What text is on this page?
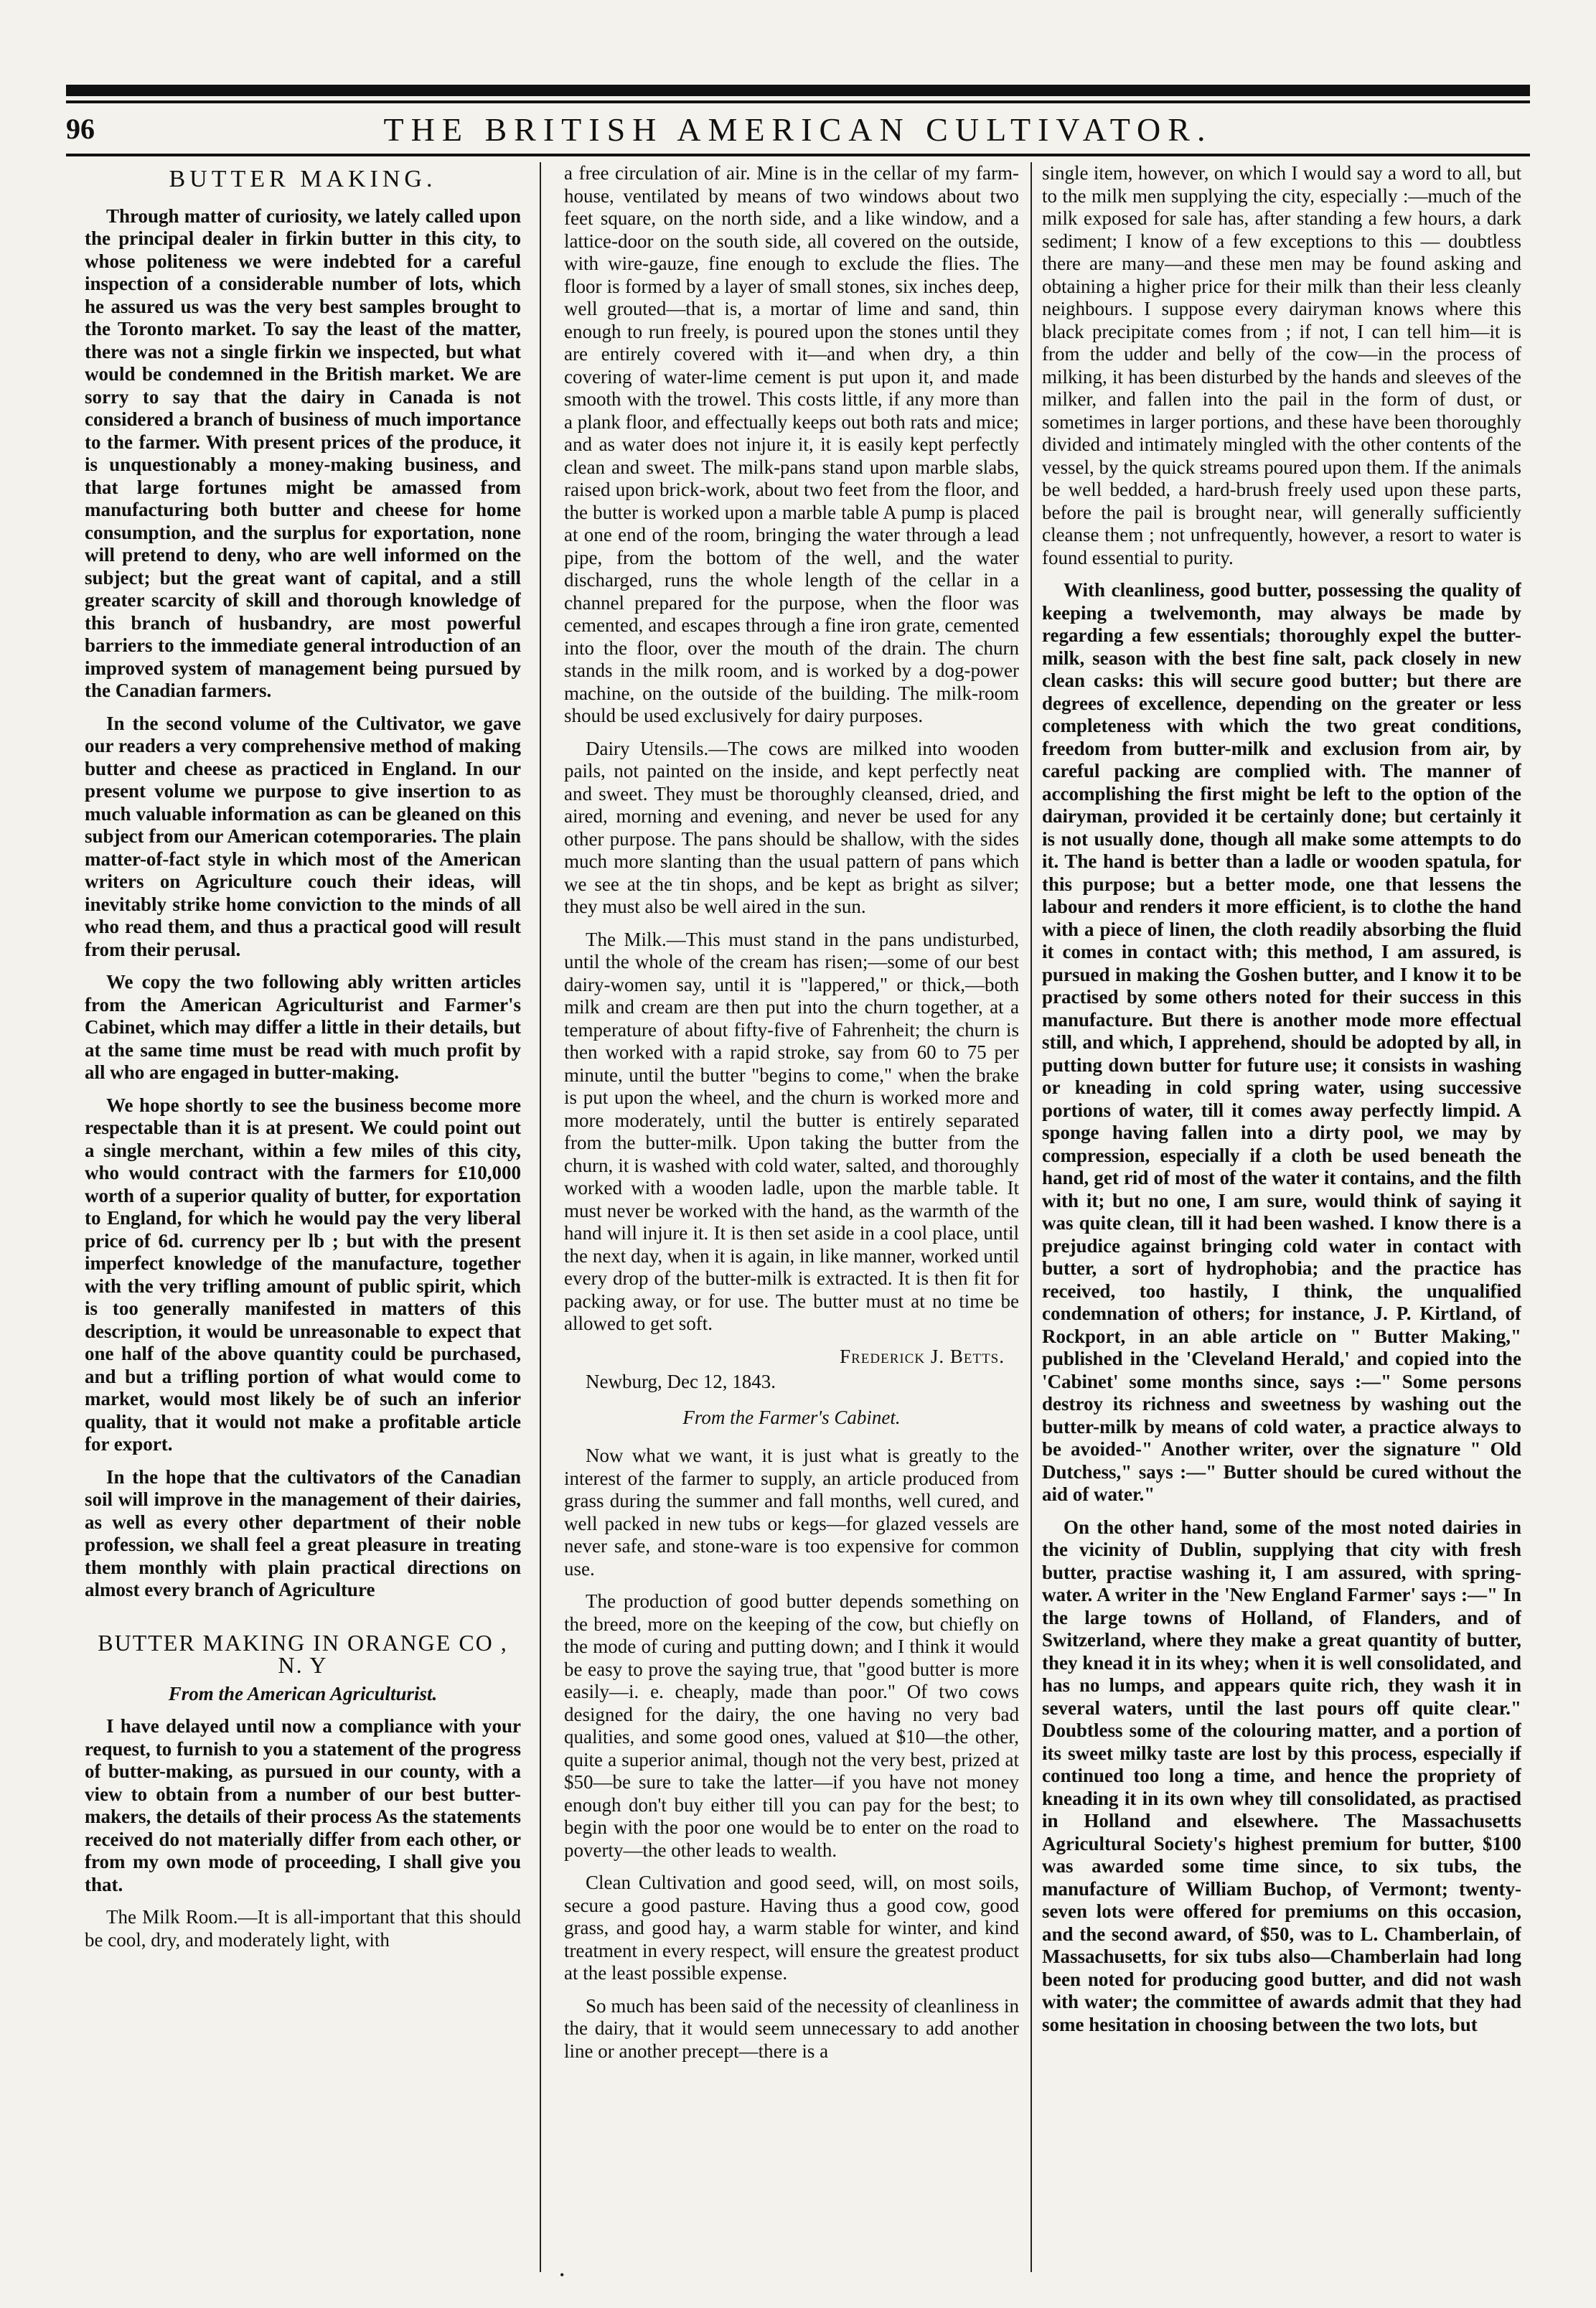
96	THE BRITISH AMERICAN CULTIVATOR.
BUTTER MAKING.

Through matter of curiosity, we lately called upon the principal dealer in firkin butter in this city, to whose politeness we were indebted for a careful inspection of a considerable number of lots, which he assured us was the very best samples brought to the Toronto market. To say the least of the matter, there was not a single firkin we inspected, but what would be condemned in the British market. We are sorry to say that the dairy in Canada is not considered a branch of business of much importance to the farmer. With present prices of the produce, it is unquestionably a money-making business, and that large fortunes might be amassed from manufacturing both butter and cheese for home consumption, and the surplus for exportation, none will pretend to deny, who are well informed on the subject; but the great want of capital, and a still greater scarcity of skill and thorough knowledge of this branch of husbandry, are most powerful barriers to the immediate general introduction of an improved system of management being pursued by the Canadian farmers.

In the second volume of the Cultivator, we gave our readers a very comprehensive method of making butter and cheese as practiced in England. In our present volume we purpose to give insertion to as much valuable information as can be gleaned on this subject from our American cotemporaries. The plain matter-of-fact style in which most of the American writers on Agriculture couch their ideas, will inevitably strike home conviction to the minds of all who read them, and thus a practical good will result from their perusal.

We copy the two following ably written articles from the American Agriculturist and Farmer's Cabinet, which may differ a little in their details, but at the same time must be read with much profit by all who are engaged in butter-making.

We hope shortly to see the business become more respectable than it is at present. We could point out a single merchant, within a few miles of this city, who would contract with the farmers for £10,000 worth of a superior quality of butter, for exportation to England, for which he would pay the very liberal price of 6d. currency per lb ; but with the present imperfect knowledge of the manufacture, together with the very trifling amount of public spirit, which is too generally manifested in matters of this description, it would be unreasonable to expect that one half of the above quantity could be purchased, and but a trifling portion of what would come to market, would most likely be of such an inferior quality, that it would not make a profitable article for export.

In the hope that the cultivators of the Canadian soil will improve in the management of their dairies, as well as every other department of their noble profession, we shall feel a great pleasure in treating them monthly with plain practical directions on almost every branch of Agriculture

BUTTER MAKING IN ORANGE CO , N. Y
From the American Agriculturist.

I have delayed until now a compliance with your request, to furnish to you a statement of the progress of butter-making, as pursued in our county, with a view to obtain from a number of our best butter-makers, the details of their process As the statements received do not materially differ from each other, or from my own mode of proceeding, I shall give you that.

The Milk Room.—It is all-important that this should be cool, dry, and moderately light, with

a free circulation of air. Mine is in the cellar of my farm-house, ventilated by means of two windows about two feet square, on the north side, and a like window, and a lattice-door on the south side, all covered on the outside, with wire-gauze, fine enough to exclude the flies. The floor is formed by a layer of small stones, six inches deep, well grouted—that is, a mortar of lime and sand, thin enough to run freely, is poured upon the stones until they are entirely covered with it—and when dry, a thin covering of water-lime cement is put upon it, and made smooth with the trowel. This costs little, if any more than a plank floor, and effectually keeps out both rats and mice; and as water does not injure it, it is easily kept perfectly clean and sweet. The milk-pans stand upon marble slabs, raised upon brick-work, about two feet from the floor, and the butter is worked upon a marble table A pump is placed at one end of the room, bringing the water through a lead pipe, from the bottom of the well, and the water discharged, runs the whole length of the cellar in a channel prepared for the purpose, when the floor was cemented, and escapes through a fine iron grate, cemented into the floor, over the mouth of the drain. The churn stands in the milk room, and is worked by a dog-power machine, on the outside of the building. The milk-room should be used exclusively for dairy purposes.

Dairy Utensils.—The cows are milked into wooden pails, not painted on the inside, and kept perfectly neat and sweet. They must be thoroughly cleansed, dried, and aired, morning and evening, and never be used for any other purpose. The pans should be shallow, with the sides much more slanting than the usual pattern of pans which we see at the tin shops, and be kept as bright as silver; they must also be well aired in the sun.

The Milk.—This must stand in the pans undisturbed, until the whole of the cream has risen;—some of our best dairy-women say, until it is "lappered," or thick,—both milk and cream are then put into the churn together, at a temperature of about fifty-five of Fahrenheit; the churn is then worked with a rapid stroke, say from 60 to 75 per minute, until the butter "begins to come," when the brake is put upon the wheel, and the churn is worked more and more moderately, until the butter is entirely separated from the butter-milk. Upon taking the butter from the churn, it is washed with cold water, salted, and thoroughly worked with a wooden ladle, upon the marble table. It must never be worked with the hand, as the warmth of the hand will injure it. It is then set aside in a cool place, until the next day, when it is again, in like manner, worked until every drop of the butter-milk is extracted. It is then fit for packing away, or for use. The butter must at no time be allowed to get soft.

Frederick J. Betts.
Newburg, Dec 12, 1843.
From the Farmer's Cabinet.

Now what we want, it is just what is greatly to the interest of the farmer to supply, an article produced from grass during the summer and fall months, well cured, and well packed in new tubs or kegs—for glazed vessels are never safe, and stone-ware is too expensive for common use.

The production of good butter depends something on the breed, more on the keeping of the cow, but chiefly on the mode of curing and putting down; and I think it would be easy to prove the saying true, that "good butter is more easily—i. e. cheaply, made than poor." Of two cows designed for the dairy, the one having no very bad qualities, and some good ones, valued at $10—the other, quite a superior animal, though not the very best, prized at $50—be sure to take the latter—if you have not money enough don't buy either till you can pay for the best; to begin with the poor one would be to enter on the road to poverty—the other leads to wealth.

Clean Cultivation and good seed, will, on most soils, secure a good pasture. Having thus a good cow, good grass, and good hay, a warm stable for winter, and kind treatment in every respect, will ensure the greatest product at the least possible expense.

So much has been said of the necessity of cleanliness in the dairy, that it would seem unnecessary to add another line or another precept—there is a

single item, however, on which I would say a word to all, but to the milk men supplying the city, especially :—much of the milk exposed for sale has, after standing a few hours, a dark sediment; I know of a few exceptions to this — doubtless there are many—and these men may be found asking and obtaining a higher price for their milk than their less cleanly neighbours. I suppose every dairyman knows where this black precipitate comes from ; if not, I can tell him—it is from the udder and belly of the cow—in the process of milking, it has been disturbed by the hands and sleeves of the milker, and fallen into the pail in the form of dust, or sometimes in larger portions, and these have been thoroughly divided and intimately mingled with the other contents of the vessel, by the quick streams poured upon them. If the animals be well bedded, a hard-brush freely used upon these parts, before the pail is brought near, will generally sufficiently cleanse them ; not unfrequently, however, a resort to water is found essential to purity.

With cleanliness, good butter, possessing the quality of keeping a twelvemonth, may always be made by regarding a few essentials; thoroughly expel the butter-milk, season with the best fine salt, pack closely in new clean casks: this will secure good butter; but there are degrees of excellence, depending on the greater or less completeness with which the two great conditions, freedom from butter-milk and exclusion from air, by careful packing are complied with. The manner of accomplishing the first might be left to the option of the dairyman, provided it be certainly done; but certainly it is not usually done, though all make some attempts to do it. The hand is better than a ladle or wooden spatula, for this purpose; but a better mode, one that lessens the labour and renders it more efficient, is to clothe the hand with a piece of linen, the cloth readily absorbing the fluid it comes in contact with; this method, I am assured, is pursued in making the Goshen butter, and I know it to be practised by some others noted for their success in this manufacture. But there is another mode more effectual still, and which, I apprehend, should be adopted by all, in putting down butter for future use; it consists in washing or kneading in cold spring water, using successive portions of water, till it comes away perfectly limpid. A sponge having fallen into a dirty pool, we may by compression, especially if a cloth be used beneath the hand, get rid of most of the water it contains, and the filth with it; but no one, I am sure, would think of saying it was quite clean, till it had been washed. I know there is a prejudice against bringing cold water in contact with butter, a sort of hydrophobia; and the practice has received, too hastily, I think, the unqualified condemnation of others; for instance, J. P. Kirtland, of Rockport, in an able article on " Butter Making," published in the 'Cleveland Herald,' and copied into the 'Cabinet' some months since, says :—" Some persons destroy its richness and sweetness by washing out the butter-milk by means of cold water, a practice always to be avoided-" Another writer, over the signature " Old Dutchess," says :—" Butter should be cured without the aid of water."

On the other hand, some of the most noted dairies in the vicinity of Dublin, supplying that city with fresh butter, practise washing it, I am assured, with spring-water. A writer in the 'New England Farmer' says :—" In the large towns of Holland, of Flanders, and of Switzerland, where they make a great quantity of butter, they knead it in its whey; when it is well consolidated, and has no lumps, and appears quite rich, they wash it in several waters, until the last pours off quite clear." Doubtless some of the colouring matter, and a portion of its sweet milky taste are lost by this process, especially if continued too long a time, and hence the propriety of kneading it in its own whey till consolidated, as practised in Holland and elsewhere. The Massachusetts Agricultural Society's highest premium for butter, $100 was awarded some time since, to six tubs, the manufacture of William Buchop, of Vermont; twenty-seven lots were offered for premiums on this occasion, and the second award, of $50, was to L. Chamberlain, of Massachusetts, for six tubs also—Chamberlain had long been noted for producing good butter, and did not wash with water; the committee of awards admit that they had some hesitation in choosing between the two lots, but

•
